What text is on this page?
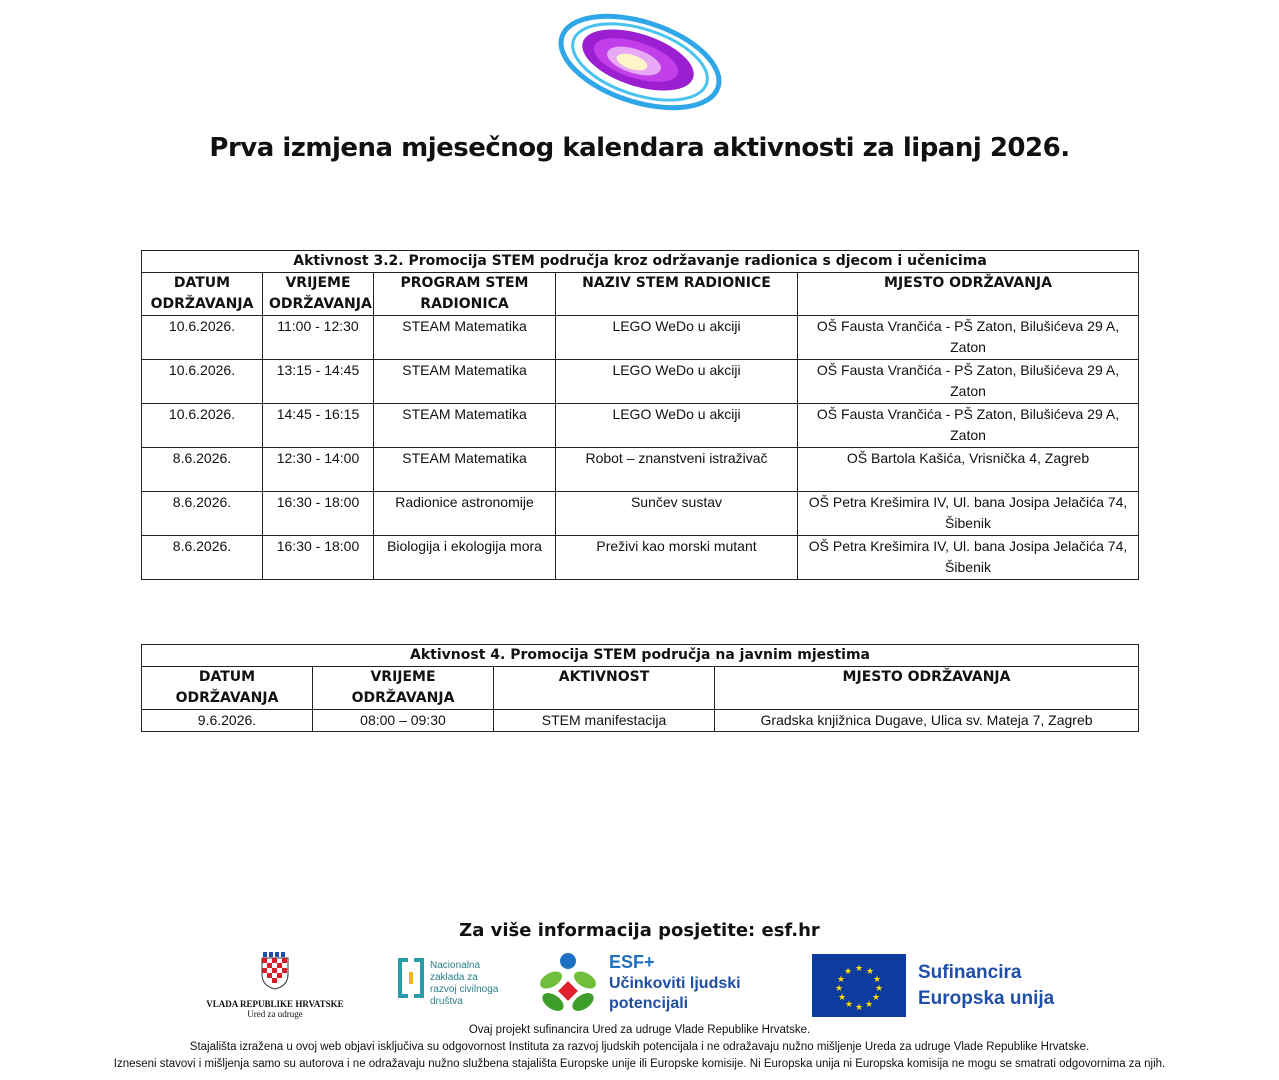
Prva izmjena mjesečnog kalendara aktivnosti za lipanj 2026.
Aktivnost 3.2. Promocija STEM područja kroz održavanje radionica s djecom i učenicima				
DATUM ODRŽAVANJA	VRIJEME ODRŽAVANJA	PROGRAM STEM RADIONICA	NAZIV STEM RADIONICE	MJESTO ODRŽAVANJA
10.6.2026.	11:00 - 12:30	STEAM Matematika	LEGO WeDo u akciji	OŠ Fausta Vrančića - PŠ Zaton, Bilušićeva 29 A, Zaton
10.6.2026.	13:15 - 14:45	STEAM Matematika	LEGO WeDo u akciji	OŠ Fausta Vrančića - PŠ Zaton, Bilušićeva 29 A, Zaton
10.6.2026.	14:45 - 16:15	STEAM Matematika	LEGO WeDo u akciji	OŠ Fausta Vrančića - PŠ Zaton, Bilušićeva 29 A, Zaton
8.6.2026.	12:30 - 14:00	STEAM Matematika	Robot – znanstveni istraživač	OŠ Bartola Kašića, Vrisnička 4, Zagreb
8.6.2026.	16:30 - 18:00	Radionice astronomije	Sunčev sustav	OŠ Petra Krešimira IV, Ul. bana Josipa Jelačića 74, Šibenik
8.6.2026.	16:30 - 18:00	Biologija i ekologija mora	Preživi kao morski mutant	OŠ Petra Krešimira IV, Ul. bana Josipa Jelačića 74, Šibenik
Aktivnost 4. Promocija STEM područja na javnim mjestima			
DATUM ODRŽAVANJA	VRIJEME ODRŽAVANJA	AKTIVNOST	MJESTO ODRŽAVANJA
9.6.2026.	08:00 – 09:30	STEM manifestacija	Gradska knjižnica Dugave, Ulica sv. Mateja 7, Zagreb
Za više informacija posjetite: esf.hr
VLADA REPUBLIKE HRVATSKE
Ured za udruge
Nacionalna zaklada za razvoj civilnoga društva
ESF+
Učinkoviti ljudski potencijali
★ ★
★
★
★
★
★
★
★
★
★
★	Sufinancira Europska unija
Ovaj projekt sufinancira Ured za udruge Vlade Republike Hrvatske.
Stajališta izražena u ovoj web objavi isključiva su odgovornost Instituta za razvoj ljudskih potencijala i ne odražavaju nužno mišljenje Ureda za udruge Vlade Republike Hrvatske.
Izneseni stavovi i mišljenja samo su autorova i ne odražavaju nužno službena stajališta Europske unije ili Europske komisije. Ni Europska unija ni Europska komisija ne mogu se smatrati odgovornima za njih.
